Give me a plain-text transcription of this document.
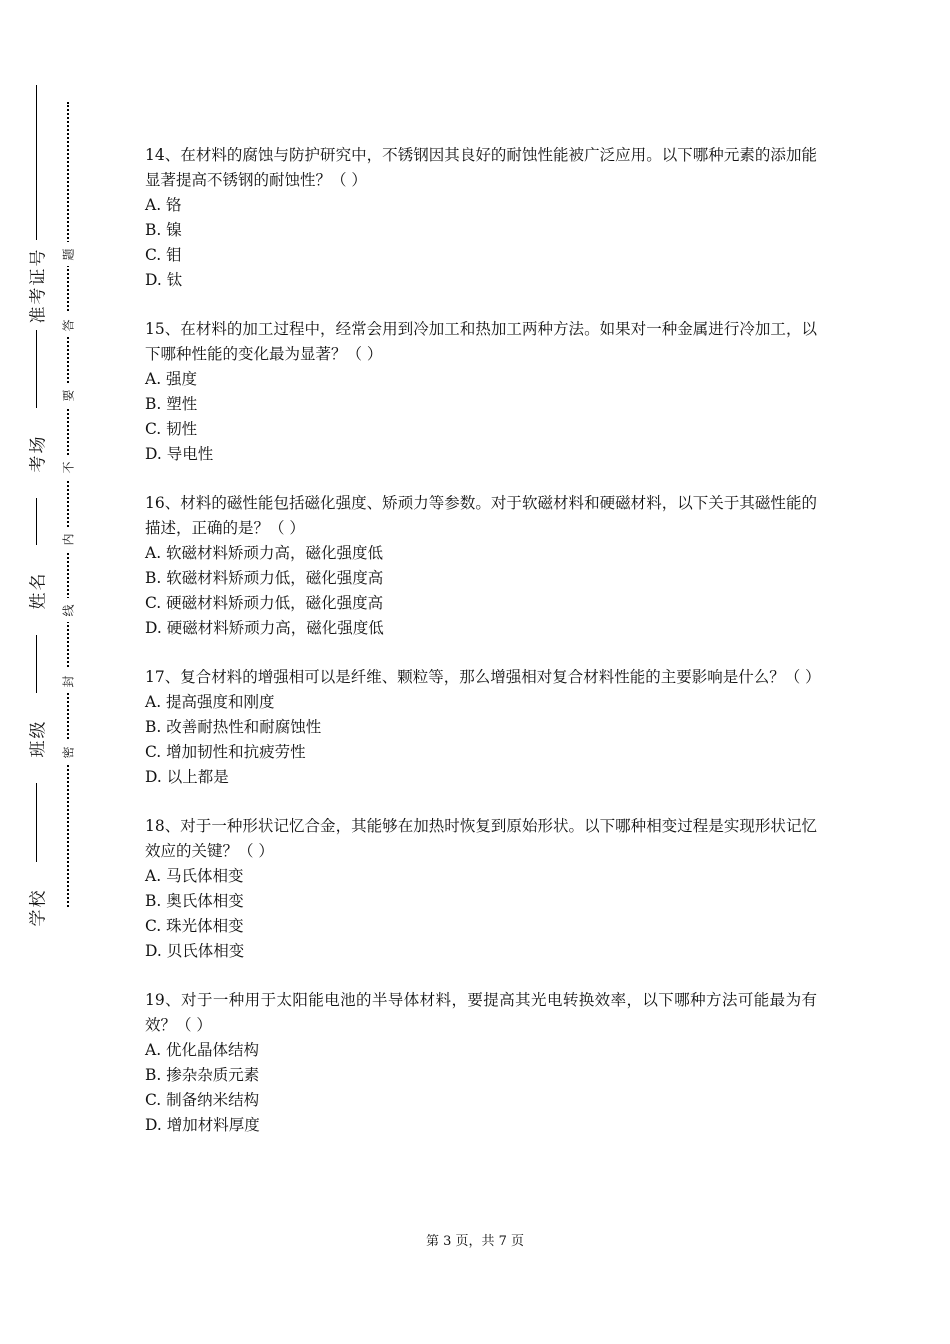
准考证号
考场
姓名
班级
学校
题
答
要
不
内
线
封
密

14、在材料的腐蚀与防护研究中，不锈钢因其良好的耐蚀性能被广泛应用。以下哪种元素的添加能显著提高不锈钢的耐蚀性？（ ）

A. 铬
B. 镍
C. 钼
D. 钛

15、在材料的加工过程中，经常会用到冷加工和热加工两种方法。如果对一种金属进行冷加工，以下哪种性能的变化最为显著？（ ）

A. 强度
B. 塑性
C. 韧性
D. 导电性

16、材料的磁性能包括磁化强度、矫顽力等参数。对于软磁材料和硬磁材料，以下关于其磁性能的描述，正确的是？（ ）

A. 软磁材料矫顽力高，磁化强度低
B. 软磁材料矫顽力低，磁化强度高
C. 硬磁材料矫顽力低，磁化强度高
D. 硬磁材料矫顽力高，磁化强度低

17、复合材料的增强相可以是纤维、颗粒等，那么增强相对复合材料性能的主要影响是什么？（ ）

A. 提高强度和刚度
B. 改善耐热性和耐腐蚀性
C. 增加韧性和抗疲劳性
D. 以上都是

18、对于一种形状记忆合金，其能够在加热时恢复到原始形状。以下哪种相变过程是实现形状记忆效应的关键？（ ）

A. 马氏体相变
B. 奥氏体相变
C. 珠光体相变
D. 贝氏体相变

19、对于一种用于太阳能电池的半导体材料，要提高其光电转换效率，以下哪种方法可能最为有效？（ ）

A. 优化晶体结构
B. 掺杂杂质元素
C. 制备纳米结构
D. 增加材料厚度
第 3 页，共 7 页
